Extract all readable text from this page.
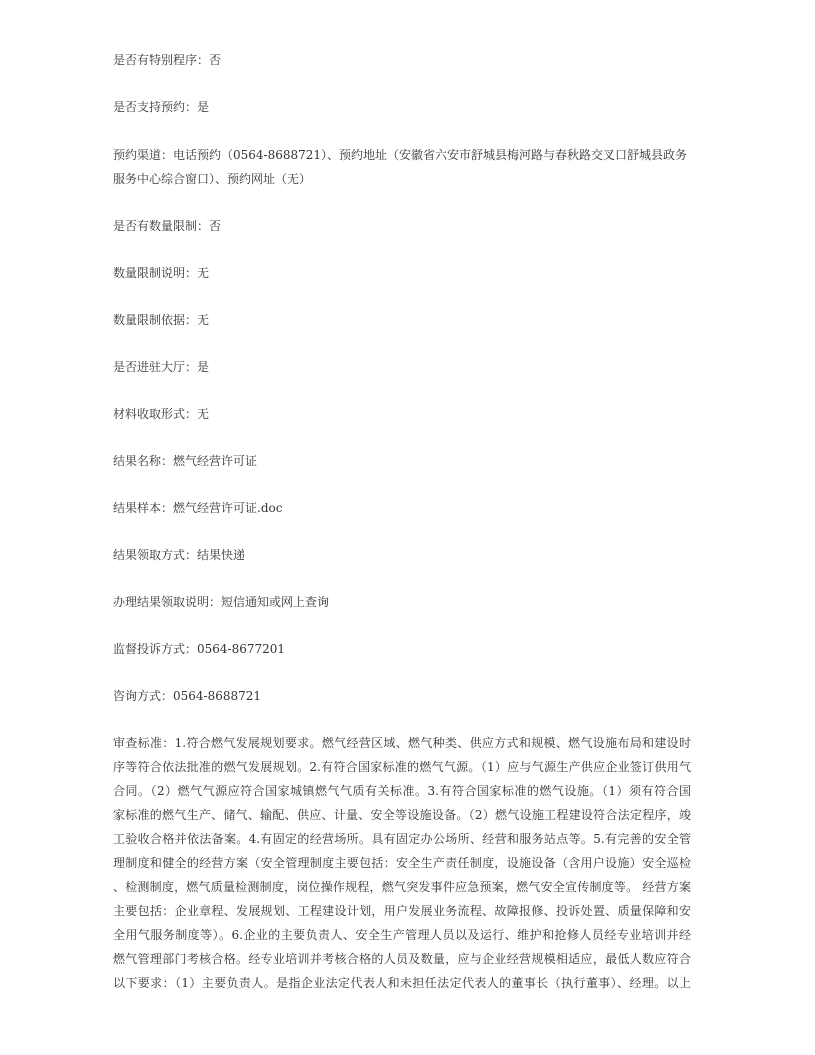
是否有特别程序：否
是否支持预约：是
预约渠道：电话预约（0564-8688721）、预约地址（安徽省六安市舒城县梅河路与春秋路交叉口舒城县政务
服务中心综合窗口）、预约网址（无）
是否有数量限制：否
数量限制说明：无
数量限制依据：无
是否进驻大厅：是
材料收取形式：无
结果名称：燃气经营许可证
结果样本：燃气经营许可证.doc
结果领取方式：结果快递
办理结果领取说明：短信通知或网上查询
监督投诉方式：0564-8677201
咨询方式：0564-8688721
审查标准：1.符合燃气发展规划要求。燃气经营区域、燃气种类、供应方式和规模、燃气设施布局和建设时
序等符合依法批准的燃气发展规划。2.有符合国家标准的燃气气源。（1）应与气源生产供应企业签订供用气
合同。（2）燃气气源应符合国家城镇燃气气质有关标准。3.有符合国家标准的燃气设施。（1）须有符合国
家标准的燃气生产、储气、输配、供应、计量、安全等设施设备。（2）燃气设施工程建设符合法定程序，竣
工验收合格并依法备案。4.有固定的经营场所。具有固定办公场所、经营和服务站点等。5.有完善的安全管
理制度和健全的经营方案（安全管理制度主要包括：安全生产责任制度，设施设备（含用户设施）安全巡检
、检测制度，燃气质量检测制度，岗位操作规程，燃气突发事件应急预案，燃气安全宣传制度等。 经营方案
主要包括：企业章程、发展规划、工程建设计划，用户发展业务流程、故障报修、投诉处置、质量保障和安
全用气服务制度等）。6.企业的主要负责人、安全生产管理人员以及运行、维护和抢修人员经专业培训并经
燃气管理部门考核合格。经专业培训并考核合格的人员及数量，应与企业经营规模相适应，最低人数应符合
以下要求：（1）主要负责人。是指企业法定代表人和未担任法定代表人的董事长（执行董事）、经理。以上
